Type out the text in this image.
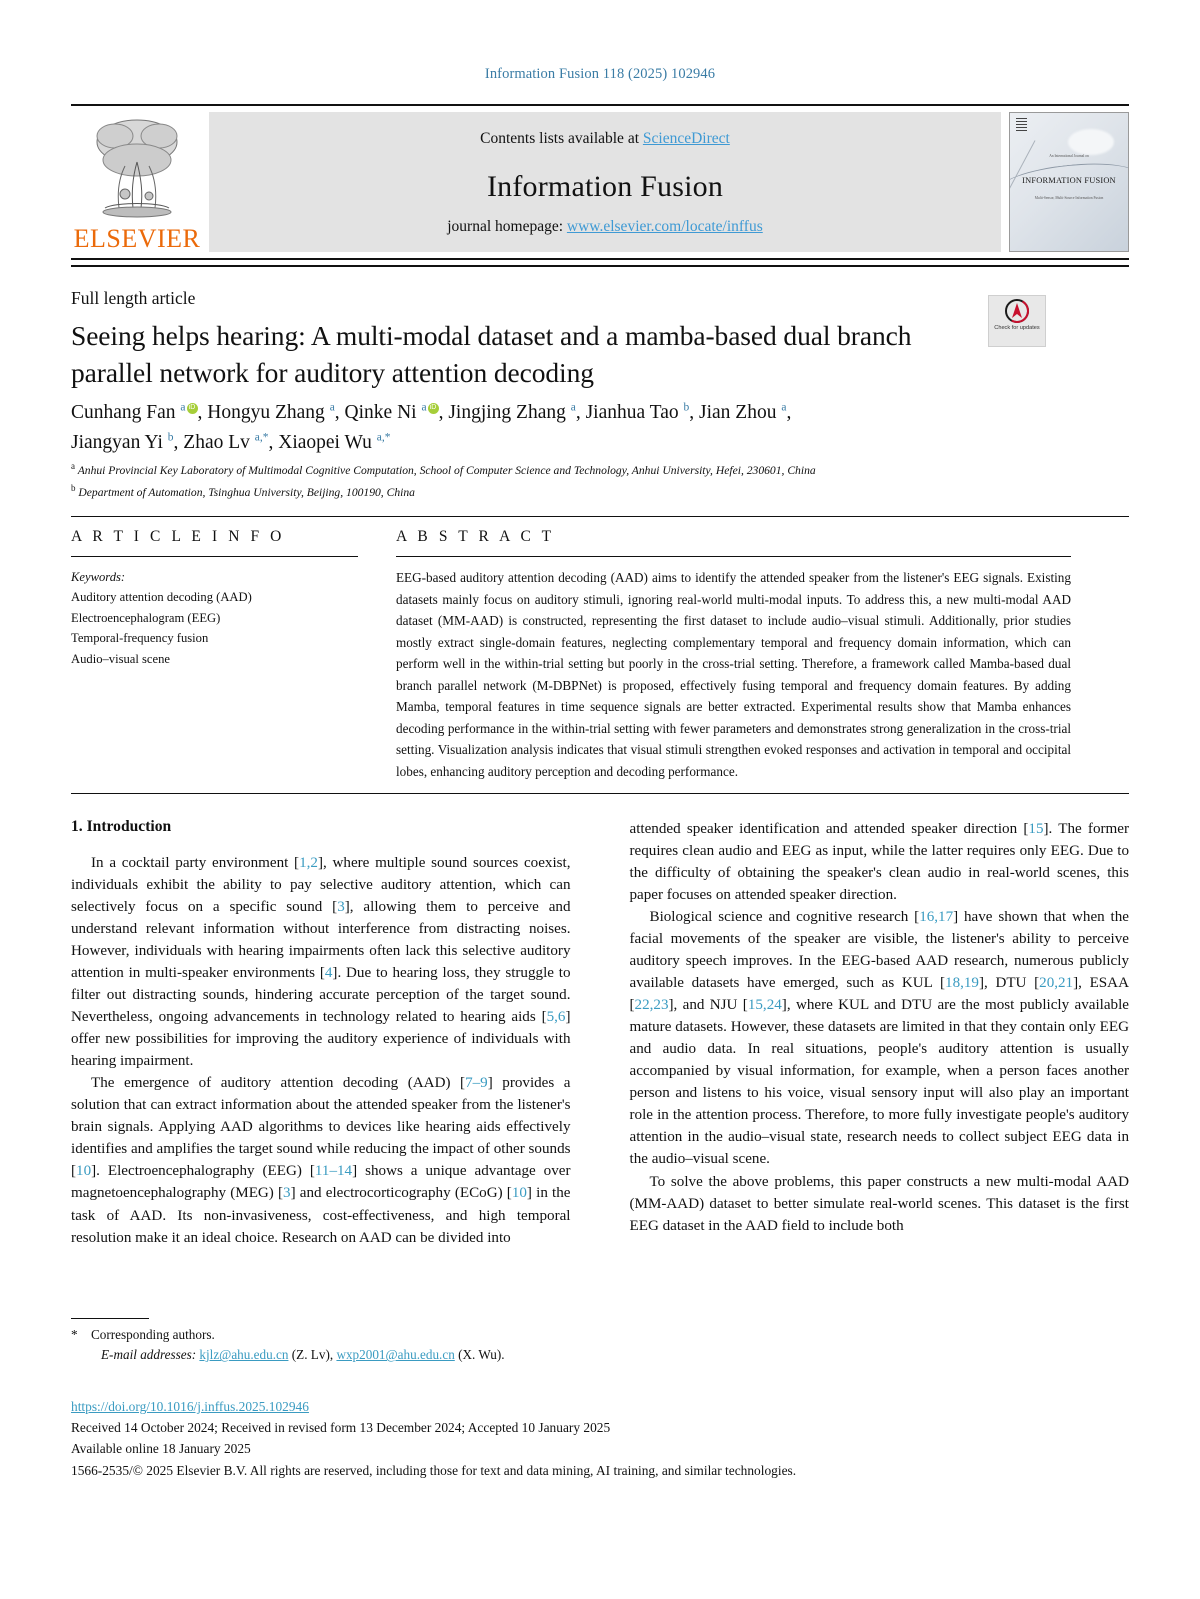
Information Fusion 118 (2025) 102946
ELSEVIER
Contents lists available at ScienceDirect
Information Fusion
journal homepage: www.elsevier.com/locate/inffus
An International Journal on
INFORMATION FUSION
Multi-Sensor, Multi-Source Information Fusion
Full length article
Check for updates
Seeing helps hearing: A multi-modal dataset and a mamba-based dual branch parallel network for auditory attention decoding
Cunhang Fan $^a$ iD , Hongyu Zhang $^a$, Qinke Ni $^a$ iD , Jingjing Zhang $^a$, Jianhua Tao $^b$, Jian Zhou $^a$,
Jiangyan Yi $^b$, Zhao Lv $^{a,*}$, Xiaopei Wu $^{a,*}$
$^a$ Anhui Provincial Key Laboratory of Multimodal Cognitive Computation, School of Computer Science and Technology, Anhui University, Hefei, 230601, China
$^b$ Department of Automation, Tsinghua University, Beijing, 100190, China
A R T I C L E I N F O
Keywords:
Auditory attention decoding (AAD)
Electroencephalogram (EEG)
Temporal-frequency fusion
Audio–visual scene
A B S T R A C T
EEG-based auditory attention decoding (AAD) aims to identify the attended speaker from the listener's EEG signals. Existing datasets mainly focus on auditory stimuli, ignoring real-world multi-modal inputs. To address this, a new multi-modal AAD dataset (MM-AAD) is constructed, representing the first dataset to include audio–visual stimuli. Additionally, prior studies mostly extract single-domain features, neglecting complementary temporal and frequency domain information, which can perform well in the within-trial setting but poorly in the cross-trial setting. Therefore, a framework called Mamba-based dual branch parallel network (M-DBPNet) is proposed, effectively fusing temporal and frequency domain features. By adding Mamba, temporal features in time sequence signals are better extracted. Experimental results show that Mamba enhances decoding performance in the within-trial setting with fewer parameters and demonstrates strong generalization in the cross-trial setting. Visualization analysis indicates that visual stimuli strengthen evoked responses and activation in temporal and occipital lobes, enhancing auditory perception and decoding performance.
1. Introduction

In a cocktail party environment [1,2], where multiple sound sources coexist, individuals exhibit the ability to pay selective auditory attention, which can selectively focus on a specific sound [3], allowing them to perceive and understand relevant information without interference from distracting noises. However, individuals with hearing impairments often lack this selective auditory attention in multi-speaker environments [4]. Due to hearing loss, they struggle to filter out distracting sounds, hindering accurate perception of the target sound. Nevertheless, ongoing advancements in technology related to hearing aids [5,6] offer new possibilities for improving the auditory experience of individuals with hearing impairment.

The emergence of auditory attention decoding (AAD) [7–9] provides a solution that can extract information about the attended speaker from the listener's brain signals. Applying AAD algorithms to devices like hearing aids effectively identifies and amplifies the target sound while reducing the impact of other sounds [10]. Electroencephalography (EEG) [11–14] shows a unique advantage over magnetoencephalography (MEG) [3] and electrocorticography (ECoG) [10] in the task of AAD. Its non-invasiveness, cost-effectiveness, and high temporal resolution make it an ideal choice. Research on AAD can be divided into

attended speaker identification and attended speaker direction [15]. The former requires clean audio and EEG as input, while the latter requires only EEG. Due to the difficulty of obtaining the speaker's clean audio in real-world scenes, this paper focuses on attended speaker direction.

Biological science and cognitive research [16,17] have shown that when the facial movements of the speaker are visible, the listener's ability to perceive auditory speech improves. In the EEG-based AAD research, numerous publicly available datasets have emerged, such as KUL [18,19], DTU [20,21], ESAA [22,23], and NJU [15,24], where KUL and DTU are the most publicly available mature datasets. However, these datasets are limited in that they contain only EEG and audio data. In real situations, people's auditory attention is usually accompanied by visual information, for example, when a person faces another person and listens to his voice, visual sensory input will also play an important role in the attention process. Therefore, to more fully investigate people's auditory attention in the audio–visual state, research needs to collect subject EEG data in the audio–visual scene.

To solve the above problems, this paper constructs a new multi-modal AAD (MM-AAD) dataset to better simulate real-world scenes. This dataset is the first EEG dataset in the AAD field to include both

* Corresponding authors.
E-mail addresses: kjlz@ahu.edu.cn (Z. Lv), wxp2001@ahu.edu.cn (X. Wu).
https://doi.org/10.1016/j.inffus.2025.102946
Received 14 October 2024; Received in revised form 13 December 2024; Accepted 10 January 2025
Available online 18 January 2025
1566-2535/© 2025 Elsevier B.V. All rights are reserved, including those for text and data mining, AI training, and similar technologies.
